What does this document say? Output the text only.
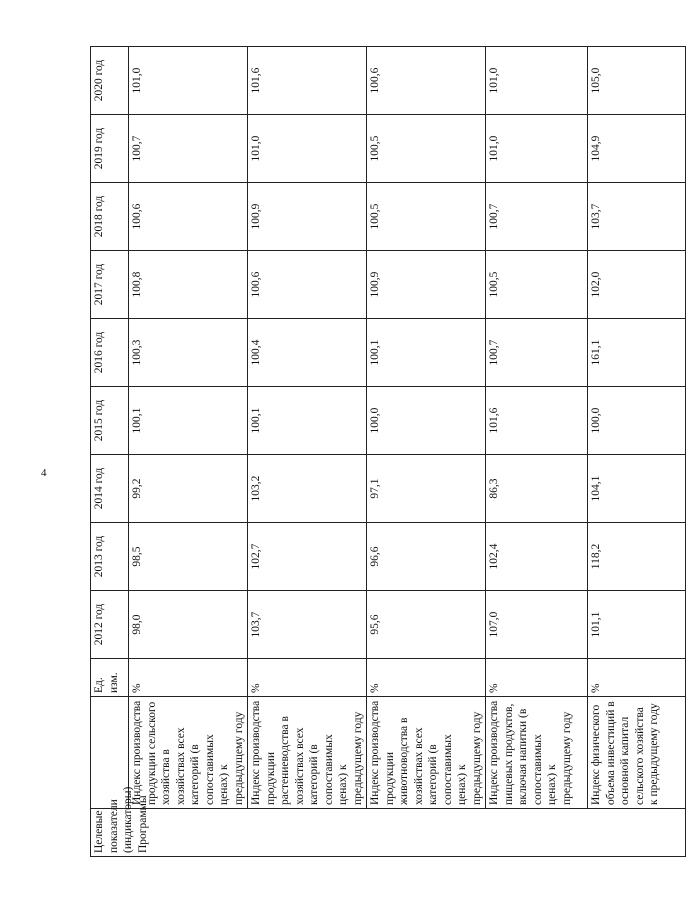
4
Целевые показатели (индикаторы) Программы		Ед. изм.	2012 год	2013 год	2014 год	2015 год	2016 год	2017 год	2018 год	2019 год	2020 год
	Индекс производства продукции сельского хозяйства в хозяйствах всех категорий (в сопоставимых ценах) к предыдущему году	%	98,0	98,5	99,2	100,1	100,3	100,8	100,6	100,7	101,0
	Индекс производства продукции растениеводства в хозяйствах всех категорий (в сопоставимых ценах) к предыдущему году	%	103,7	102,7	103,2	100,1	100,4	100,6	100,9	101,0	101,6
	Индекс производства продукции животноводства в хозяйствах всех категорий (в сопоставимых ценах) к предыдущему году	%	95,6	96,6	97,1	100,0	100,1	100,9	100,5	100,5	100,6
	Индекс производства пищевых продуктов, включая напитки (в сопоставимых ценах) к предыдущему году	%	107,0	102,4	86,3	101,6	100,7	100,5	100,7	101,0	101,0
	Индекс физического объема инвестиций в основной капитал сельского хозяйства к предыдущему году	%	101,1	118,2	104,1	100,0	161,1	102,0	103,7	104,9	105,0
